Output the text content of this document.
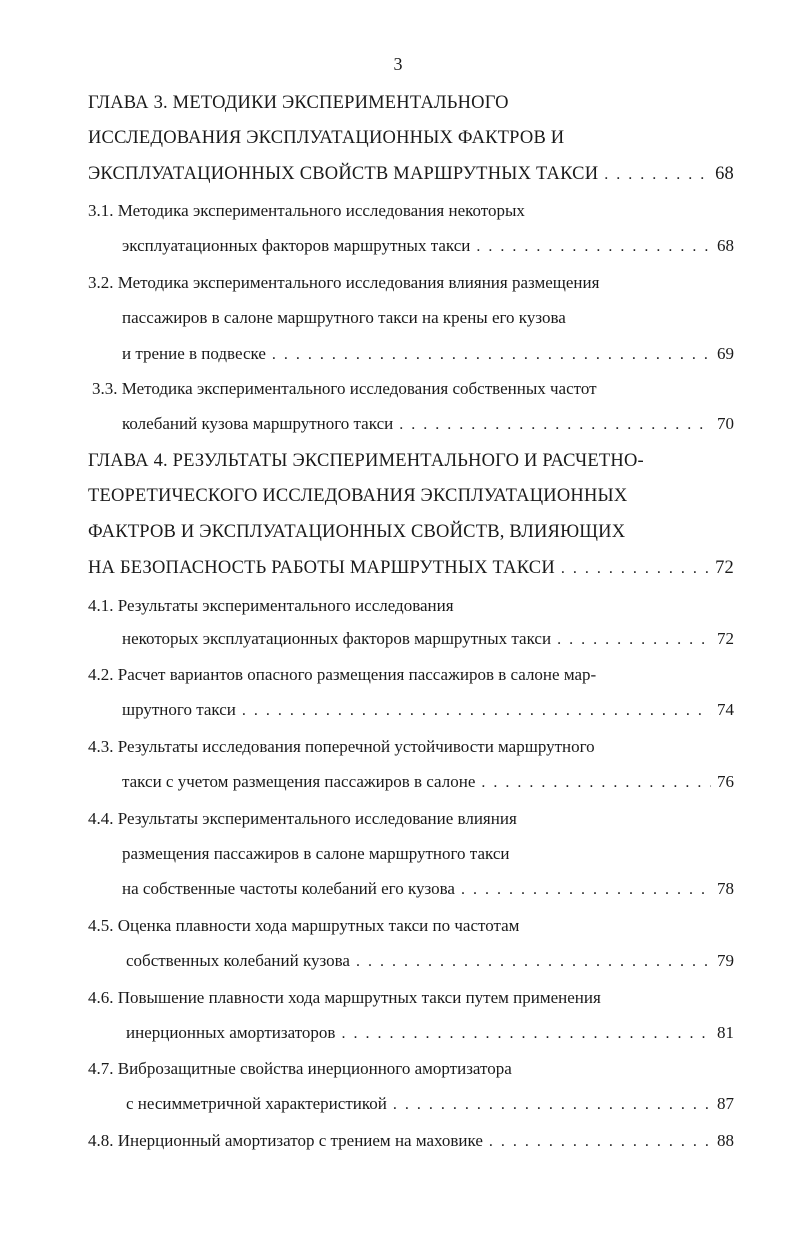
3
ГЛАВА 3. МЕТОДИКИ ЭКСПЕРИМЕНТАЛЬНОГО
ИССЛЕДОВАНИЯ ЭКСПЛУАТАЦИОННЫХ ФАКТРОВ И
ЭКСПЛУАТАЦИОННЫХ СВОЙСТВ МАРШРУТНЫХ ТАКСИ . . .	68
3.1. Методика экспериментального исследования некоторых
эксплуатационных факторов маршрутных такси . . .	68
3.2. Методика экспериментального исследования влияния размещения
пассажиров в салоне маршрутного такси на крены его кузова
и трение в подвеске . . .	69
3.3. Методика экспериментального исследования собственных частот
колебаний кузова маршрутного такси . . .	70
ГЛАВА 4. РЕЗУЛЬТАТЫ ЭКСПЕРИМЕНТАЛЬНОГО И РАСЧЕТНО-
ТЕОРЕТИЧЕСКОГО ИССЛЕДОВАНИЯ ЭКСПЛУАТАЦИОННЫХ
ФАКТРОВ И ЭКСПЛУАТАЦИОННЫХ СВОЙСТВ, ВЛИЯЮЩИХ
НА БЕЗОПАСНОСТЬ РАБОТЫ МАРШРУТНЫХ ТАКСИ . . .	72
4.1. Результаты экспериментального исследования
некоторых эксплуатационных факторов маршрутных такси . . .	72
4.2. Расчет вариантов опасного размещения пассажиров в салоне мар-
шрутного такси . . .	74
4.3. Результаты исследования поперечной устойчивости маршрутного
такси с учетом размещения пассажиров в салоне . . .	76
4.4. Результаты экспериментального исследование влияния
размещения пассажиров в салоне маршрутного такси
на собственные частоты колебаний его кузова . . .	78
4.5. Оценка плавности хода маршрутных такси по частотам
собственных колебаний кузова . . .	79
4.6. Повышение плавности хода маршрутных такси путем применения
инерционных амортизаторов . . .	81
4.7. Виброзащитные свойства инерционного амортизатора
с несимметричной характеристикой . . .	87
4.8. Инерционный амортизатор с трением на маховике . . .	88
